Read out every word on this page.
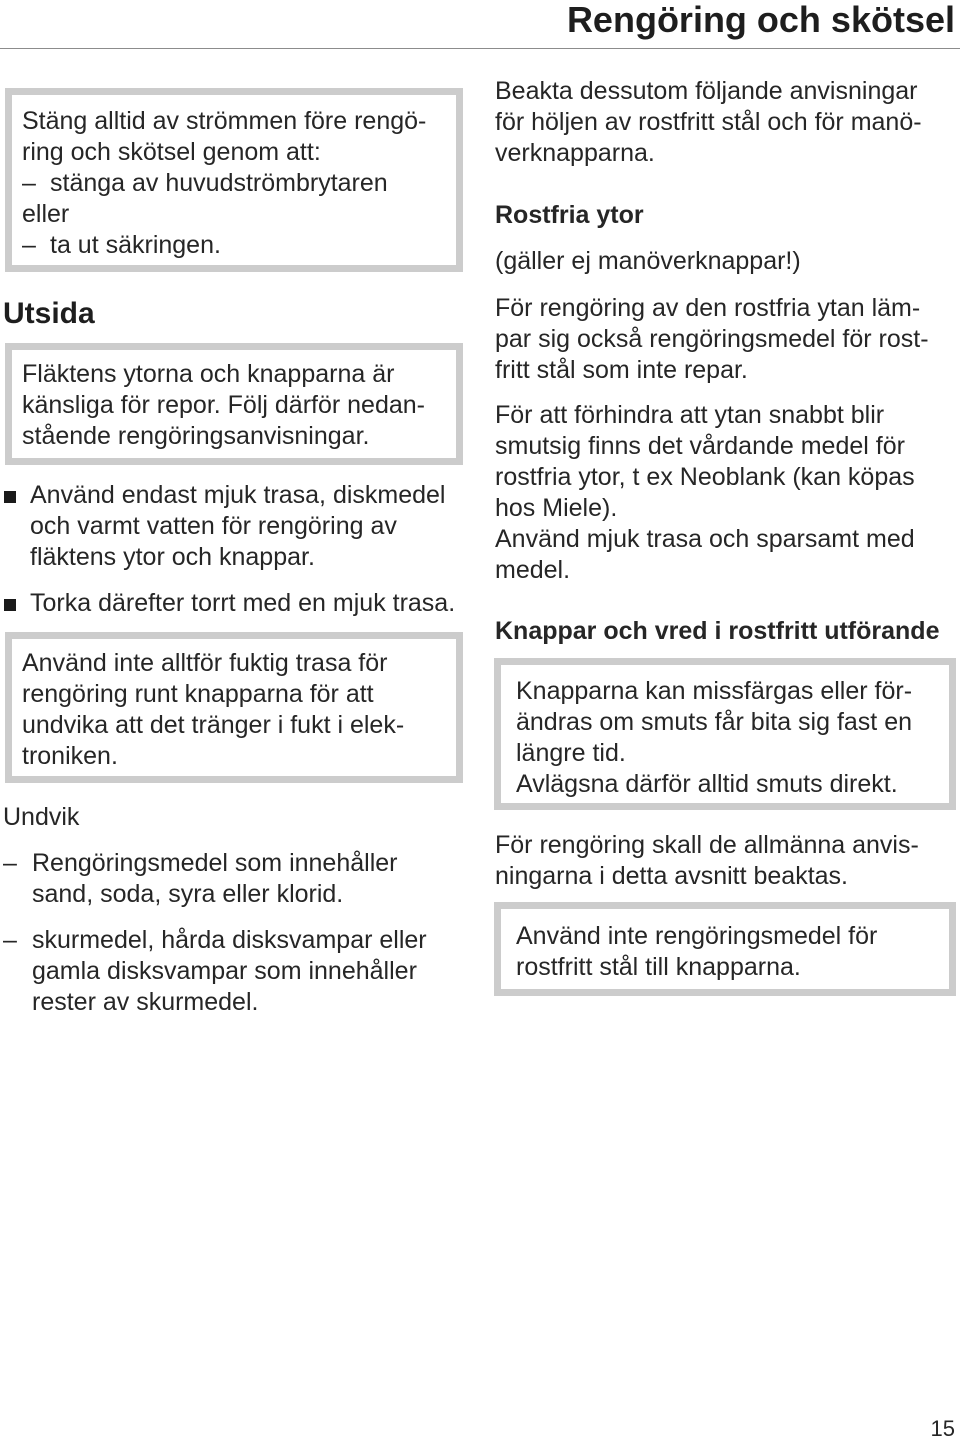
Rengöring och skötsel
Stäng alltid av strömmen före rengö-
ring och skötsel genom att:
– stänga av huvudströmbrytaren
eller
– ta ut säkringen.
Utsida
Fläktens ytorna och knapparna är
känsliga för repor. Följ därför nedan-
stående rengöringsanvisningar.
Använd endast mjuk trasa, diskmedel
och varmt vatten för rengöring av
fläktens ytor och knappar.
Torka därefter torrt med en mjuk trasa.
Använd inte alltför fuktig trasa för
rengöring runt knapparna för att
undvika att det tränger i fukt i elek-
troniken.
Undvik
– Rengöringsmedel som innehåller
sand, soda, syra eller klorid.
– skurmedel, hårda disksvampar eller
gamla disksvampar som innehåller
rester av skurmedel.
Beakta dessutom följande anvisningar
för höljen av rostfritt stål och för manö-
verknapparna.
Rostfria ytor
(gäller ej manöverknappar!)
För rengöring av den rostfria ytan läm-
par sig också rengöringsmedel för rost-
fritt stål som inte repar.
För att förhindra att ytan snabbt blir
smutsig finns det vårdande medel för
rostfria ytor, t ex Neoblank (kan köpas
hos Miele).
Använd mjuk trasa och sparsamt med
medel.
Knappar och vred i rostfritt utförande
Knapparna kan missfärgas eller för-
ändras om smuts får bita sig fast en
längre tid.
Avlägsna därför alltid smuts direkt.
För rengöring skall de allmänna anvis-
ningarna i detta avsnitt beaktas.
Använd inte rengöringsmedel för
rostfritt stål till knapparna.
15
